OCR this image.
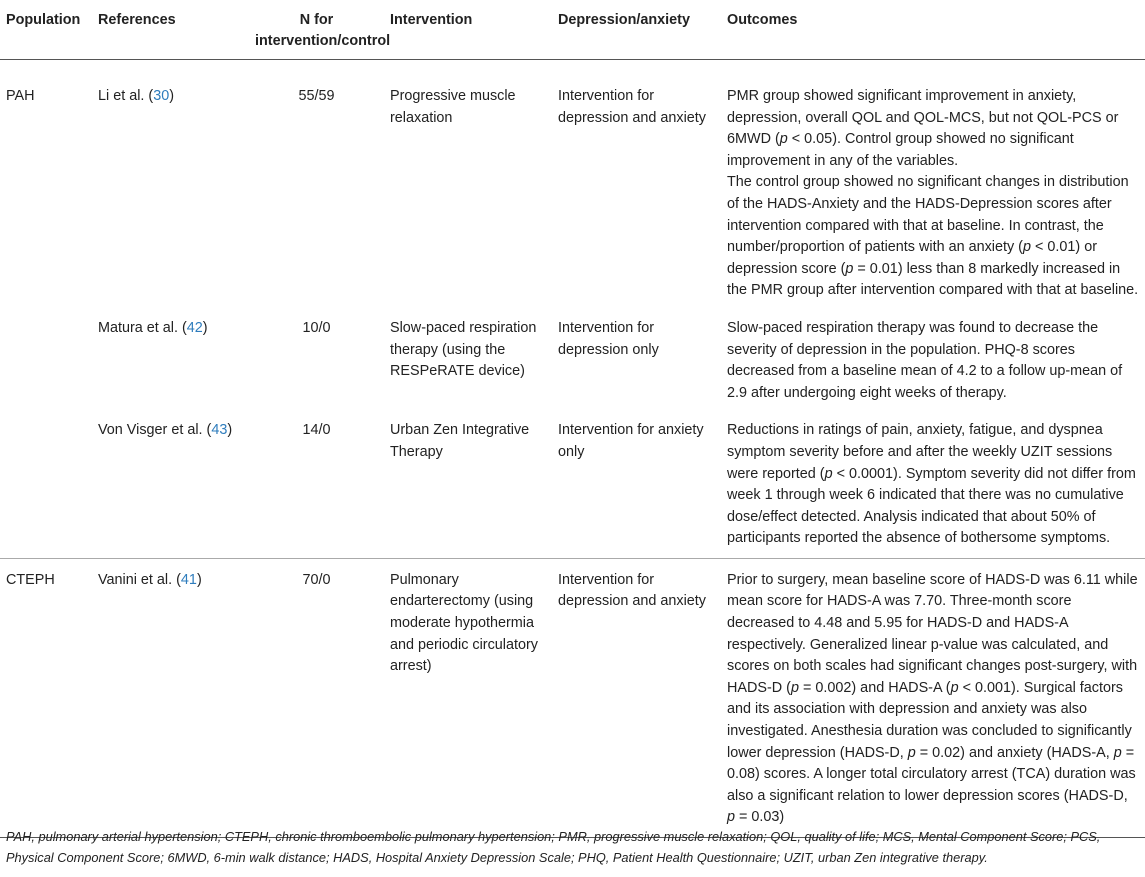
Population	References	N for intervention/control	Intervention	Depression/anxiety	Outcomes
PAH	Li et al. (30)	55/59	Progressive muscle relaxation	Intervention for depression and anxiety	PMR group showed significant improvement in anxiety, depression, overall QOL and QOL-MCS, but not QOL-PCS or 6MWD (p < 0.05). Control group showed no significant improvement in any of the variables.
The control group showed no significant changes in distribution of the HADS-Anxiety and the HADS-Depression scores after intervention compared with that at baseline. In contrast, the number/proportion of patients with an anxiety (p < 0.01) or depression score (p = 0.01) less than 8 markedly increased in the PMR group after intervention compared with that at baseline.

	Matura et al. (42)	10/0	Slow-paced respiration therapy (using the RESPeRATE device)	Intervention for depression only	Slow-paced respiration therapy was found to decrease the severity of depression in the population. PHQ-8 scores decreased from a baseline mean of 4.2 to a follow up-mean of 2.9 after undergoing eight weeks of therapy.
	Von Visger et al. (43)	14/0	Urban Zen Integrative Therapy	Intervention for anxiety only	Reductions in ratings of pain, anxiety, fatigue, and dyspnea symptom severity before and after the weekly UZIT sessions were reported (p < 0.0001). Symptom severity did not differ from week 1 through week 6 indicated that there was no cumulative dose/effect detected. Analysis indicated that about 50% of participants reported the absence of bothersome symptoms.
CTEPH	Vanini et al. (41)	70/0	Pulmonary endarterectomy (using moderate hypothermia and periodic circulatory arrest)	Intervention for depression and anxiety	Prior to surgery, mean baseline score of HADS-D was 6.11 while mean score for HADS-A was 7.70. Three-month score decreased to 4.48 and 5.95 for HADS-D and HADS-A respectively. Generalized linear p-value was calculated, and scores on both scales had significant changes post-surgery, with HADS-D (p = 0.002) and HADS-A (p < 0.001). Surgical factors and its association with depression and anxiety was also investigated. Anesthesia duration was concluded to significantly lower depression (HADS-D, p = 0.02) and anxiety (HADS-A, p = 0.08) scores. A longer total circulatory arrest (TCA) duration was also a significant relation to lower depression scores (HADS-D, p = 0.03)
PAH, pulmonary arterial hypertension; CTEPH, chronic thromboembolic pulmonary hypertension; PMR, progressive muscle relaxation; QOL, quality of life; MCS, Mental Component Score; PCS, Physical Component Score; 6MWD, 6-min walk distance; HADS, Hospital Anxiety Depression Scale; PHQ, Patient Health Questionnaire; UZIT, urban Zen integrative therapy.
